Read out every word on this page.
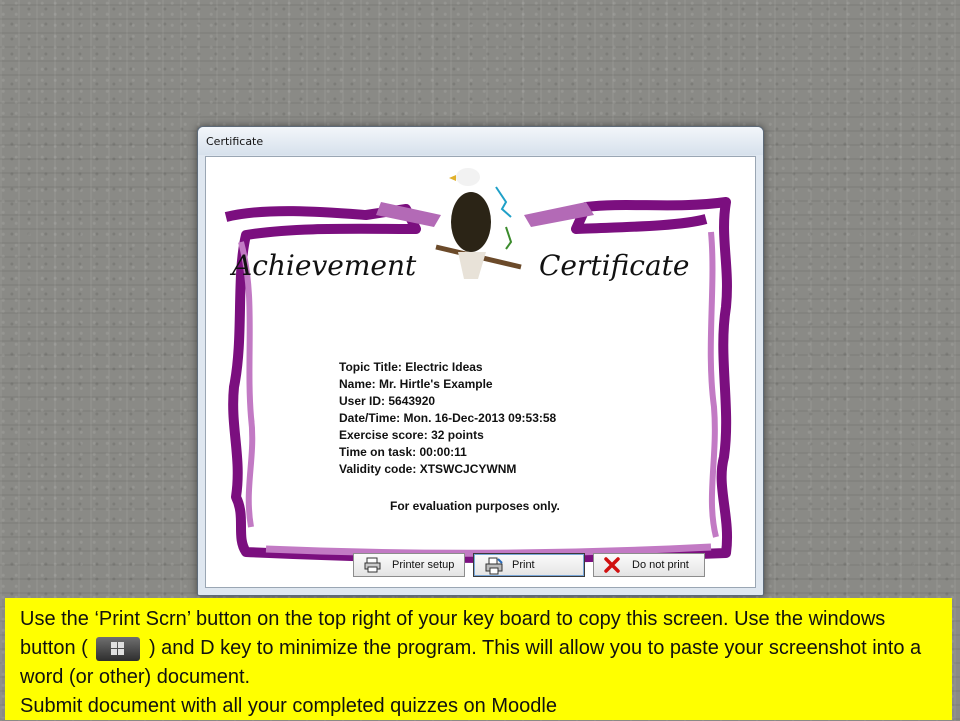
Certificate
Achievement	Certificate
Topic Title: Electric Ideas
Name: Mr. Hirtle's Example
User ID: 5643920
Date/Time: Mon. 16-Dec-2013 09:53:58
Exercise score: 32 points
Time on task: 00:00:11
Validity code: XTSWCJCYWNM
For evaluation purposes only.
Printer setup	Print	Do not print
Use the ‘Print Scrn’ button on the top right of your key board to copy this screen. Use the windows button (	) and D key to minimize the program. This will allow you to paste your screenshot into a word (or other) document.
Submit document with all your completed quizzes on Moodle
